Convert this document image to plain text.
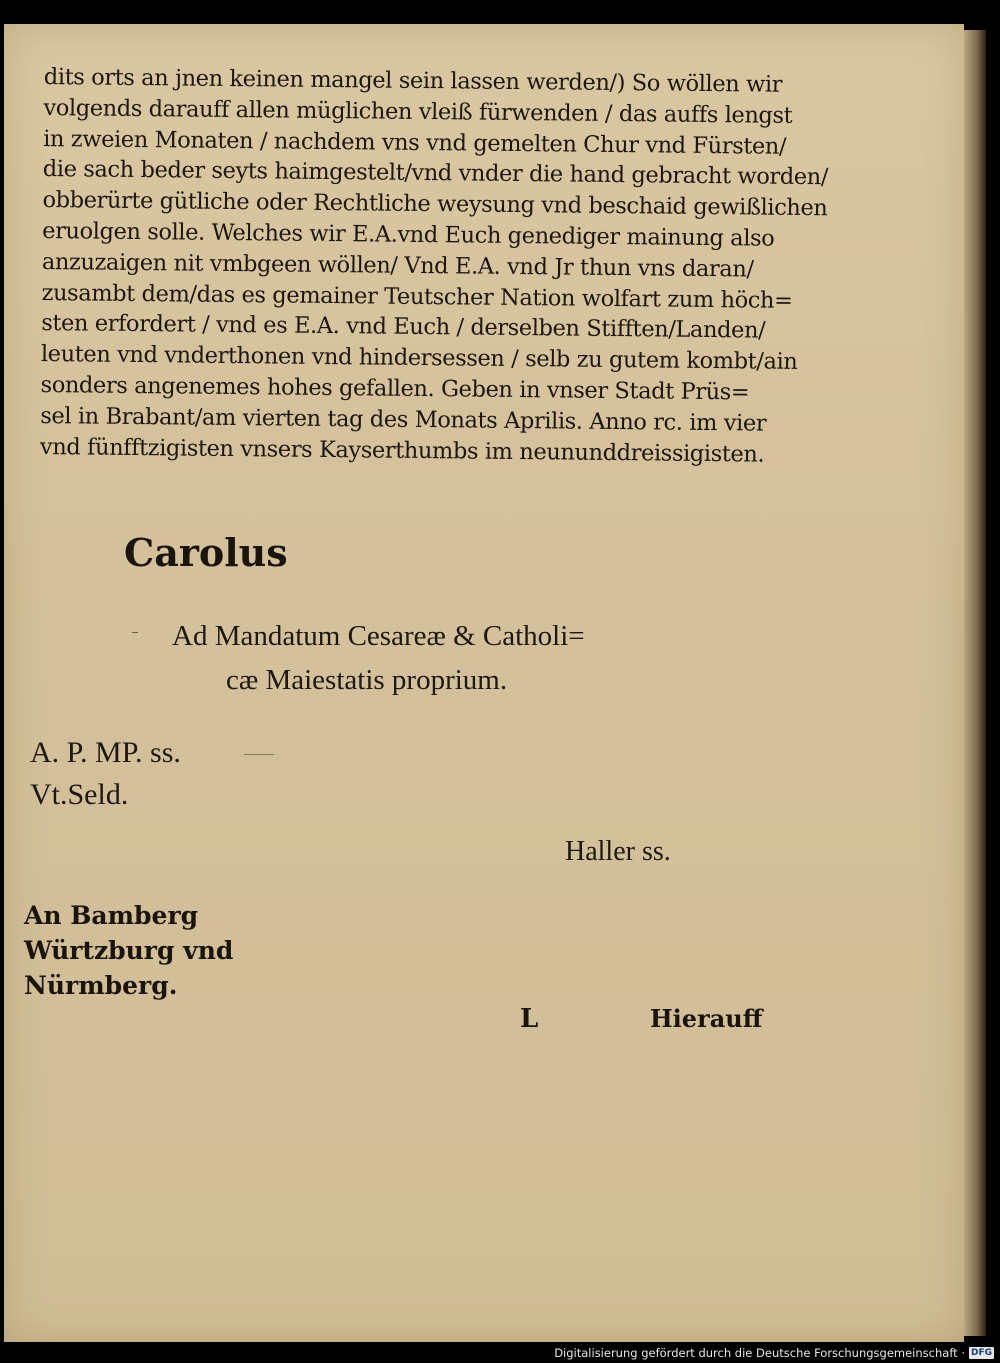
dits orts an jnen keinen mangel sein lassen werden/) So wöllen wir
volgends darauff allen müglichen vleiß fürwenden / das auffs lengst
in zweien Monaten / nachdem vns vnd gemelten Chur vnd Fürsten/
die sach beder seyts haimgestelt/vnd vnder die hand gebracht worden/
obberürte gütliche oder Rechtliche weysung vnd beschaid gewißlichen
eruolgen solle. Welches wir E.A.vnd Euch genediger mainung also
anzuzaigen nit vmbgeen wöllen/ Vnd E.A. vnd Jr thun vns daran/
zusambt dem/das es gemainer Teutscher Nation wolfart zum höch=
sten erfordert / vnd es E.A. vnd Euch / derselben Stifften/Landen/
leuten vnd vnderthonen vnd hindersessen / selb zu gutem kombt/ain
sonders angenemes hohes gefallen. Geben in vnser Stadt Prüs=
sel in Brabant/am vierten tag des Monats Aprilis. Anno rc. im vier
vnd fünfftzigisten vnsers Kayserthumbs im neununddreissigisten.
Carolus
Ad Mandatum Cesareæ & Catholi=
cæ Maiestatis proprium.
A. P. MP. ss.
Vt.Seld.
Haller ss.
An Bamberg
Würtzburg vnd
Nürmberg.
L	Hierauff
Digitalisierung gefördert durch die Deutsche Forschungsgemeinschaft · DFG
